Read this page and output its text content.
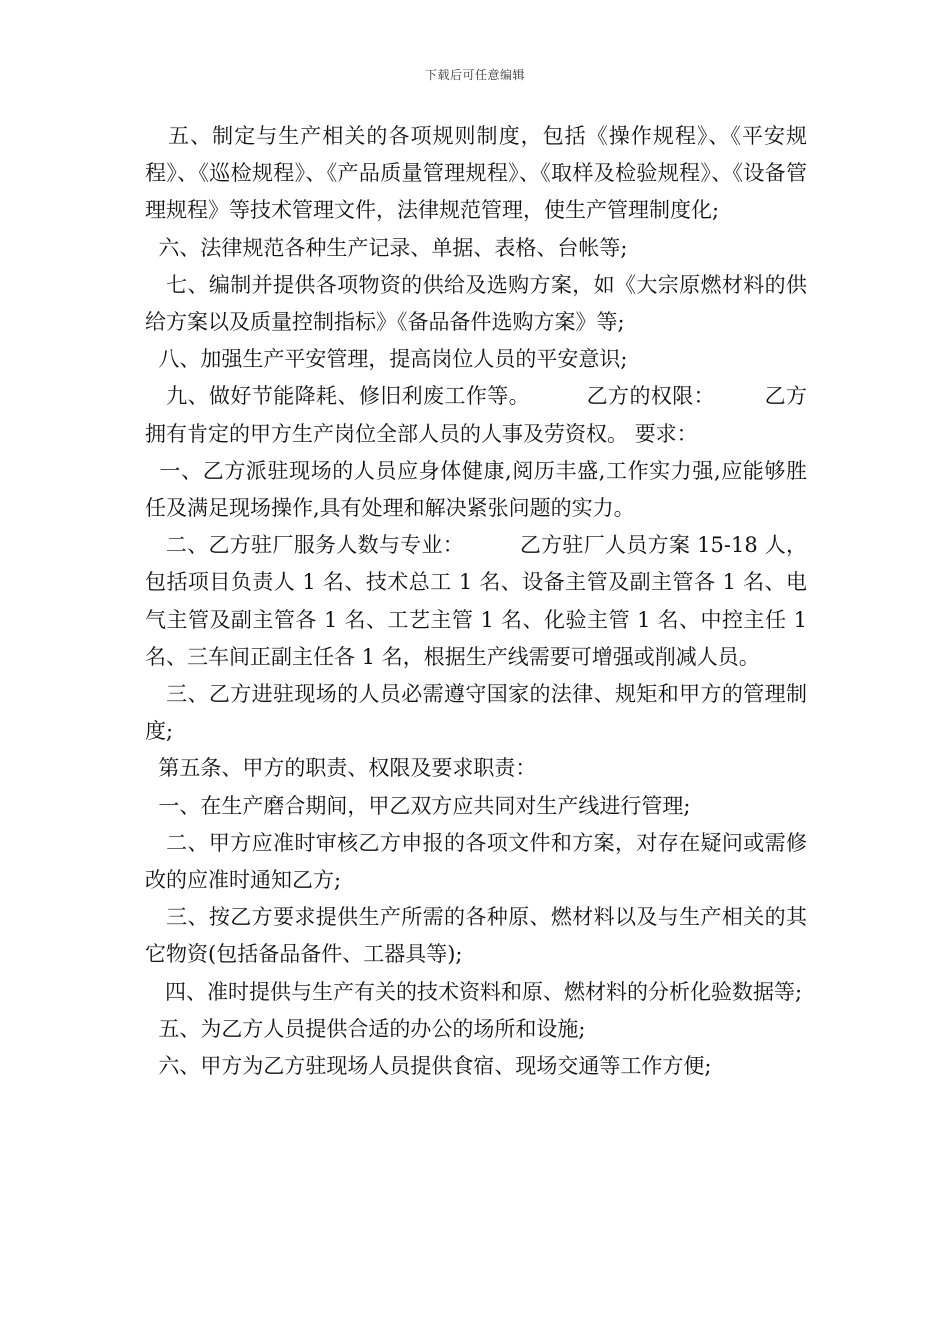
下载后可任意编辑

五、制定与生产相关的各项规则制度，包括《操作规程》、《平安规程》、《巡检规程》、《产品质量管理规程》、《取样及检验规程》、《设备管理规程》等技术管理文件，法律规范管理，使生产管理制度化;

六、法律规范各种生产记录、单据、表格、台帐等;

七、编制并提供各项物资的供给及选购方案，如《大宗原燃材料的供给方案以及质量控制指标》《备品备件选购方案》等;

八、加强生产平安管理，提高岗位人员的平安意识;

九、做好节能降耗、修旧利废工作等。        乙方的权限：       乙方拥有肯定的甲方生产岗位全部人员的人事及劳资权。 要求：

一、乙方派驻现场的人员应身体健康,阅历丰盛,工作实力强,应能够胜任及满足现场操作,具有处理和解决紧张问题的实力。

二、乙方驻厂服务人数与专业：        乙方驻厂人员方案 15-18 人，包括项目负责人 1 名、技术总工 1 名、设备主管及副主管各 1 名、电气主管及副主管各 1 名、工艺主管 1 名、化验主管 1 名、中控主任 1 名、三车间正副主任各 1 名，根据生产线需要可增强或削减人员。

三、乙方进驻现场的人员必需遵守国家的法律、规矩和甲方的管理制度;

第五条、甲方的职责、权限及要求职责：

一、在生产磨合期间，甲乙双方应共同对生产线进行管理;

二、甲方应准时审核乙方申报的各项文件和方案，对存在疑问或需修改的应准时通知乙方;

三、按乙方要求提供生产所需的各种原、燃材料以及与生产相关的其它物资(包括备品备件、工器具等);

四、准时提供与生产有关的技术资料和原、燃材料的分析化验数据等;

五、为乙方人员提供合适的办公的场所和设施;

六、甲方为乙方驻现场人员提供食宿、现场交通等工作方便;
